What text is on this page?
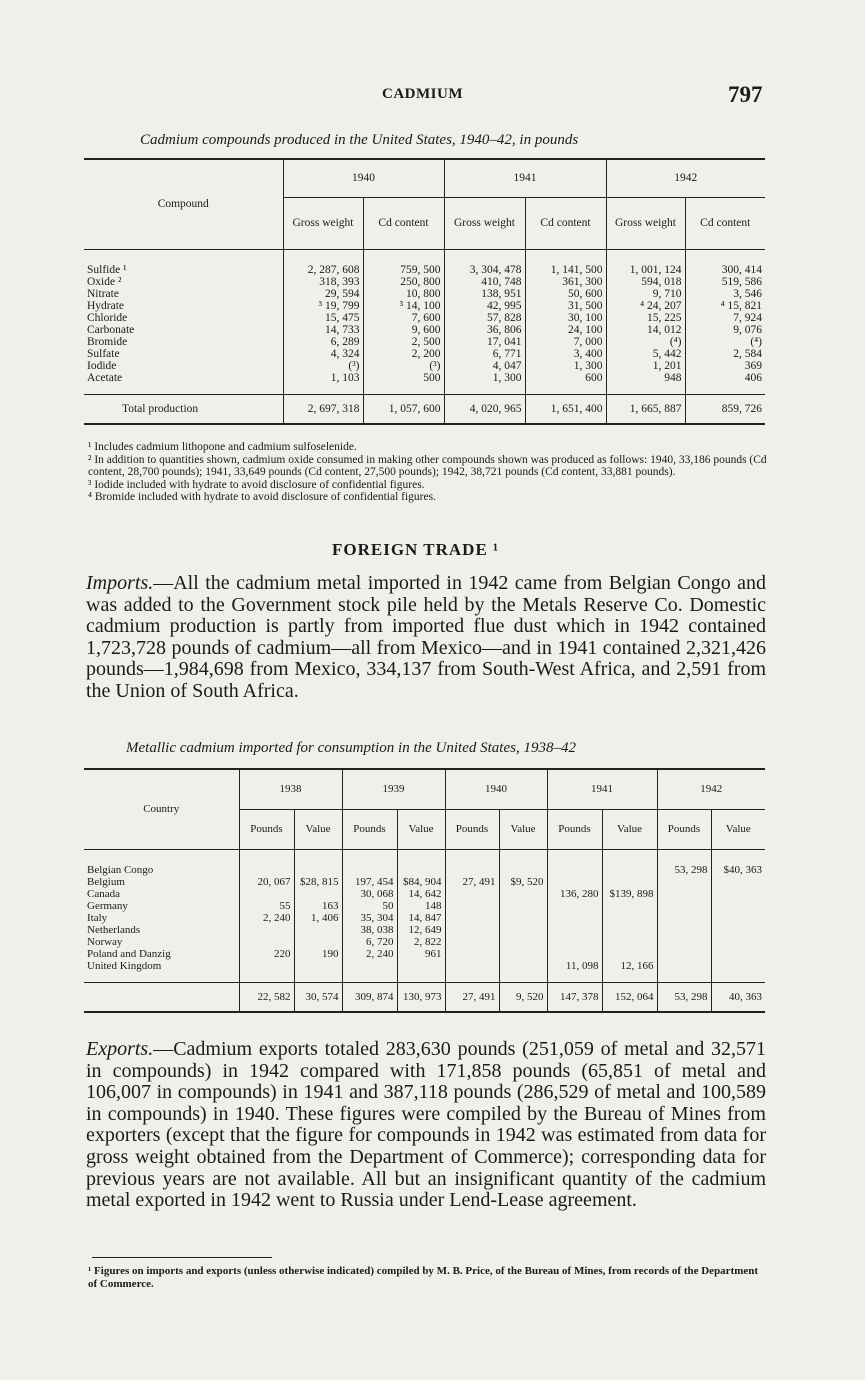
CADMIUM	797
Cadmium compounds produced in the United States, 1940–42, in pounds
Compound	1940		1941		1942	
	Gross weight	Cd content	Gross weight	Cd content	Gross weight	Cd content
Sulfide ¹	2, 287, 608	759, 500	3, 304, 478	1, 141, 500	1, 001, 124	300, 414
Oxide ²	318, 393	250, 800	410, 748	361, 300	594, 018	519, 586
Nitrate	29, 594	10, 800	138, 951	50, 600	9, 710	3, 546
Hydrate	³ 19, 799	³ 14, 100	42, 995	31, 500	⁴ 24, 207	⁴ 15, 821
Chloride	15, 475	7, 600	57, 828	30, 100	15, 225	7, 924
Carbonate	14, 733	9, 600	36, 806	24, 100	14, 012	9, 076
Bromide	6, 289	2, 500	17, 041	7, 000	(⁴)	(⁴)
Sulfate	4, 324	2, 200	6, 771	3, 400	5, 442	2, 584
Iodide	(³)	(³)	4, 047	1, 300	1, 201	369
Acetate	1, 103	500	1, 300	600	948	406
Total production	2, 697, 318	1, 057, 600	4, 020, 965	1, 651, 400	1, 665, 887	859, 726

¹ Includes cadmium lithopone and cadmium sulfoselenide.

² In addition to quantities shown, cadmium oxide consumed in making other compounds shown was produced as follows: 1940, 33,186 pounds (Cd content, 28,700 pounds); 1941, 33,649 pounds (Cd content, 27,500 pounds); 1942, 38,721 pounds (Cd content, 33,881 pounds).

³ Iodide included with hydrate to avoid disclosure of confidential figures.

⁴ Bromide included with hydrate to avoid disclosure of confidential figures.

FOREIGN TRADE ¹

Imports.—All the cadmium metal imported in 1942 came from Belgian Congo and was added to the Government stock pile held by the Metals Reserve Co. Domestic cadmium production is partly from imported flue dust which in 1942 contained 1,723,728 pounds of cadmium—all from Mexico—and in 1941 contained 2,321,426 pounds—1,984,698 from Mexico, 334,137 from South-West Africa, and 2,591 from the Union of South Africa.

Metallic cadmium imported for consumption in the United States, 1938–42
Country	1938		1939		1940		1941		1942	
	Pounds	Value	Pounds	Value	Pounds	Value	Pounds	Value	Pounds	Value
Belgian Congo									53, 298	$40, 363
Belgium	20, 067	$28, 815	197, 454	$84, 904	27, 491	$9, 520				
Canada			30, 068	14, 642			136, 280	$139, 898		
Germany	55	163	50	148						
Italy	2, 240	1, 406	35, 304	14, 847						
Netherlands			38, 038	12, 649						
Norway			6, 720	2, 822						
Poland and Danzig	220	190	2, 240	961						
United Kingdom							11, 098	12, 166		
	22, 582	30, 574	309, 874	130, 973	27, 491	9, 520	147, 378	152, 064	53, 298	40, 363

Exports.—Cadmium exports totaled 283,630 pounds (251,059 of metal and 32,571 in compounds) in 1942 compared with 171,858 pounds (65,851 of metal and 106,007 in compounds) in 1941 and 387,118 pounds (286,529 of metal and 100,589 in compounds) in 1940. These figures were compiled by the Bureau of Mines from exporters (except that the figure for compounds in 1942 was estimated from data for gross weight obtained from the Department of Commerce); corresponding data for previous years are not available. All but an insignificant quantity of the cadmium metal exported in 1942 went to Russia under Lend-Lease agreement.

¹ Figures on imports and exports (unless otherwise indicated) compiled by M. B. Price, of the Bureau of Mines, from records of the Department of Commerce.
